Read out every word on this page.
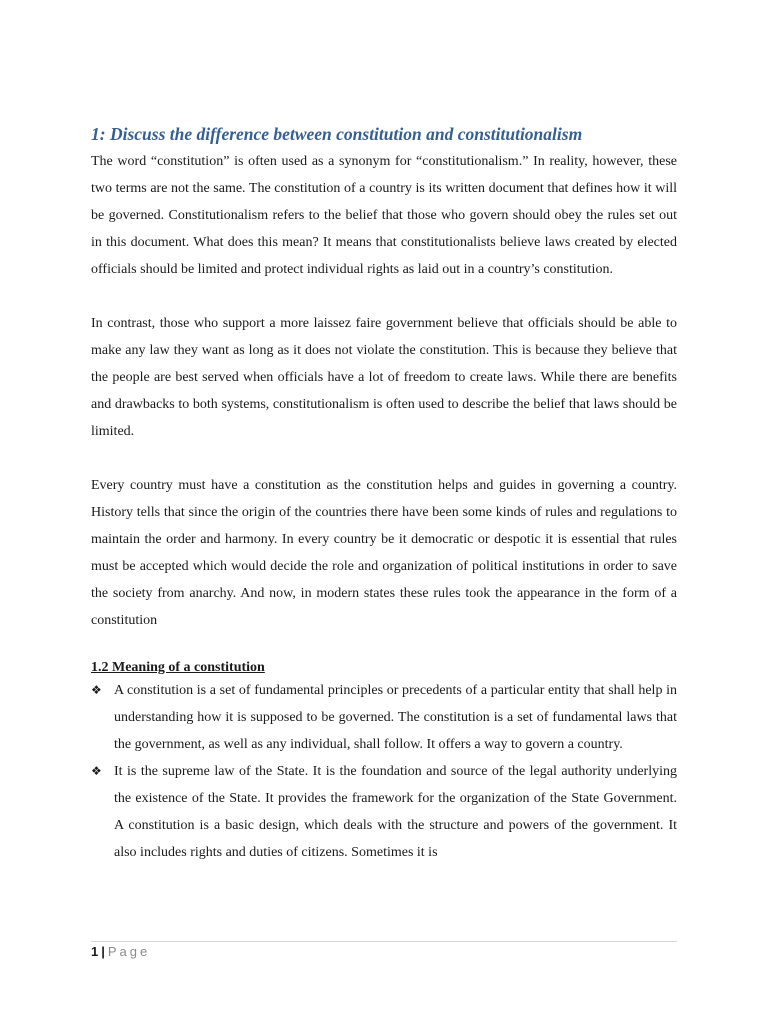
1: Discuss the difference between constitution and constitutionalism

The word “constitution” is often used as a synonym for “constitutionalism.” In reality, however, these two terms are not the same. The constitution of a country is its written document that defines how it will be governed. Constitutionalism refers to the belief that those who govern should obey the rules set out in this document. What does this mean? It means that constitutionalists believe laws created by elected officials should be limited and protect individual rights as laid out in a country’s constitution.

In contrast, those who support a more laissez faire government believe that officials should be able to make any law they want as long as it does not violate the constitution. This is because they believe that the people are best served when officials have a lot of freedom to create laws. While there are benefits and drawbacks to both systems, constitutionalism is often used to describe the belief that laws should be limited.

Every country must have a constitution as the constitution helps and guides in governing a country. History tells that since the origin of the countries there have been some kinds of rules and regulations to maintain the order and harmony. In every country be it democratic or despotic it is essential that rules must be accepted which would decide the role and organization of political institutions in order to save the society from anarchy. And now, in modern states these rules took the appearance in the form of a constitution

1.2 Meaning of a constitution
❖ A constitution is a set of fundamental principles or precedents of a particular entity that shall help in understanding how it is supposed to be governed. The constitution is a set of fundamental laws that the government, as well as any individual, shall follow. It offers a way to govern a country.
❖ It is the supreme law of the State. It is the foundation and source of the legal authority underlying the existence of the State. It provides the framework for the organization of the State Government. A constitution is a basic design, which deals with the structure and powers of the government. It also includes rights and duties of citizens. Sometimes it is
1 | Page
